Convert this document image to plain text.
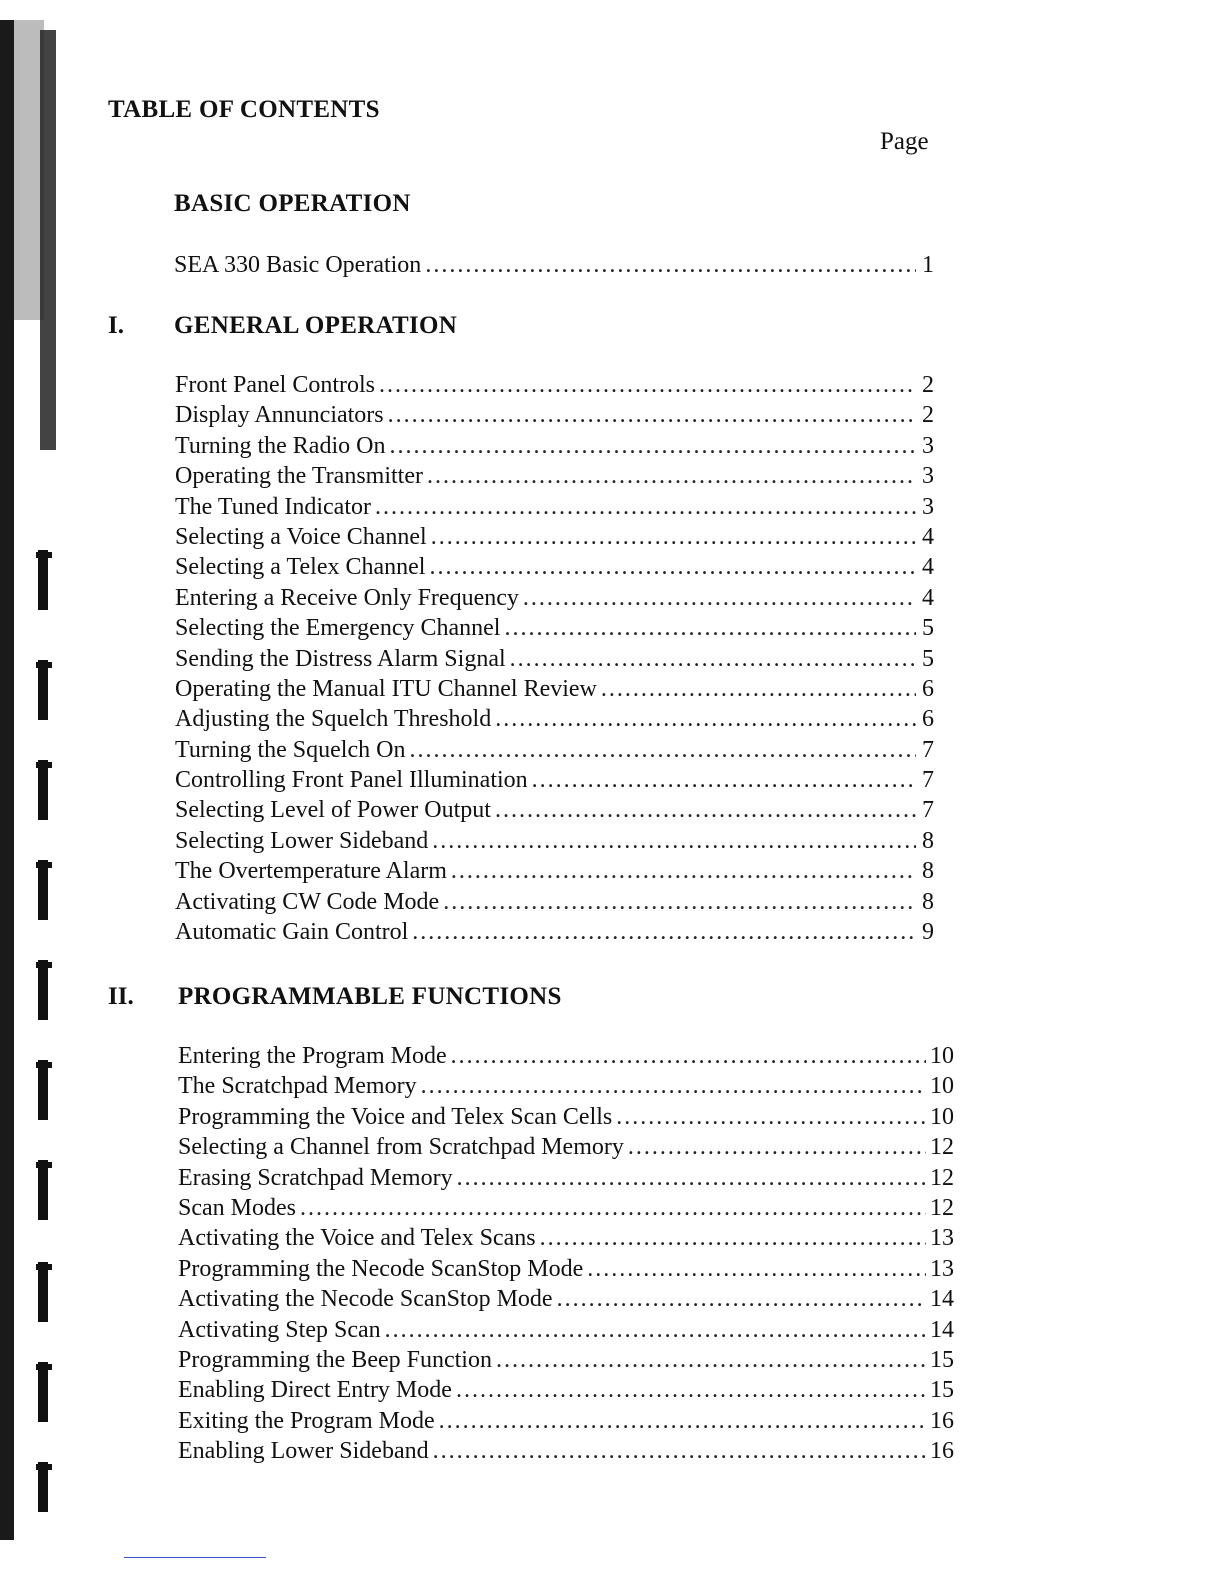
TABLE OF CONTENTS
Page
BASIC OPERATION
SEA 330 Basic Operation .....	1
I. GENERAL OPERATION
Front Panel Controls .....	2
Display Annunciators .....	2
Turning the Radio On .....	3
Operating the Transmitter .....	3
The Tuned Indicator .....	3
Selecting a Voice Channel .....	4
Selecting a Telex Channel .....	4
Entering a Receive Only Frequency .....	4
Selecting the Emergency Channel .....	5
Sending the Distress Alarm Signal .....	5
Operating the Manual ITU Channel Review .....	6
Adjusting the Squelch Threshold .....	6
Turning the Squelch On .....	7
Controlling Front Panel Illumination .....	7
Selecting Level of Power Output .....	7
Selecting Lower Sideband .....	8
The Overtemperature Alarm .....	8
Activating CW Code Mode .....	8
Automatic Gain Control .....	9
II. PROGRAMMABLE FUNCTIONS
Entering the Program Mode .....	10
The Scratchpad Memory .....	10
Programming the Voice and Telex Scan Cells .....	10
Selecting a Channel from Scratchpad Memory .....	12
Erasing Scratchpad Memory .....	12
Scan Modes .....	12
Activating the Voice and Telex Scans .....	13
Programming the Necode ScanStop Mode .....	13
Activating the Necode ScanStop Mode .....	14
Activating Step Scan .....	14
Programming the Beep Function .....	15
Enabling Direct Entry Mode .....	15
Exiting the Program Mode .....	16
Enabling Lower Sideband .....	16
